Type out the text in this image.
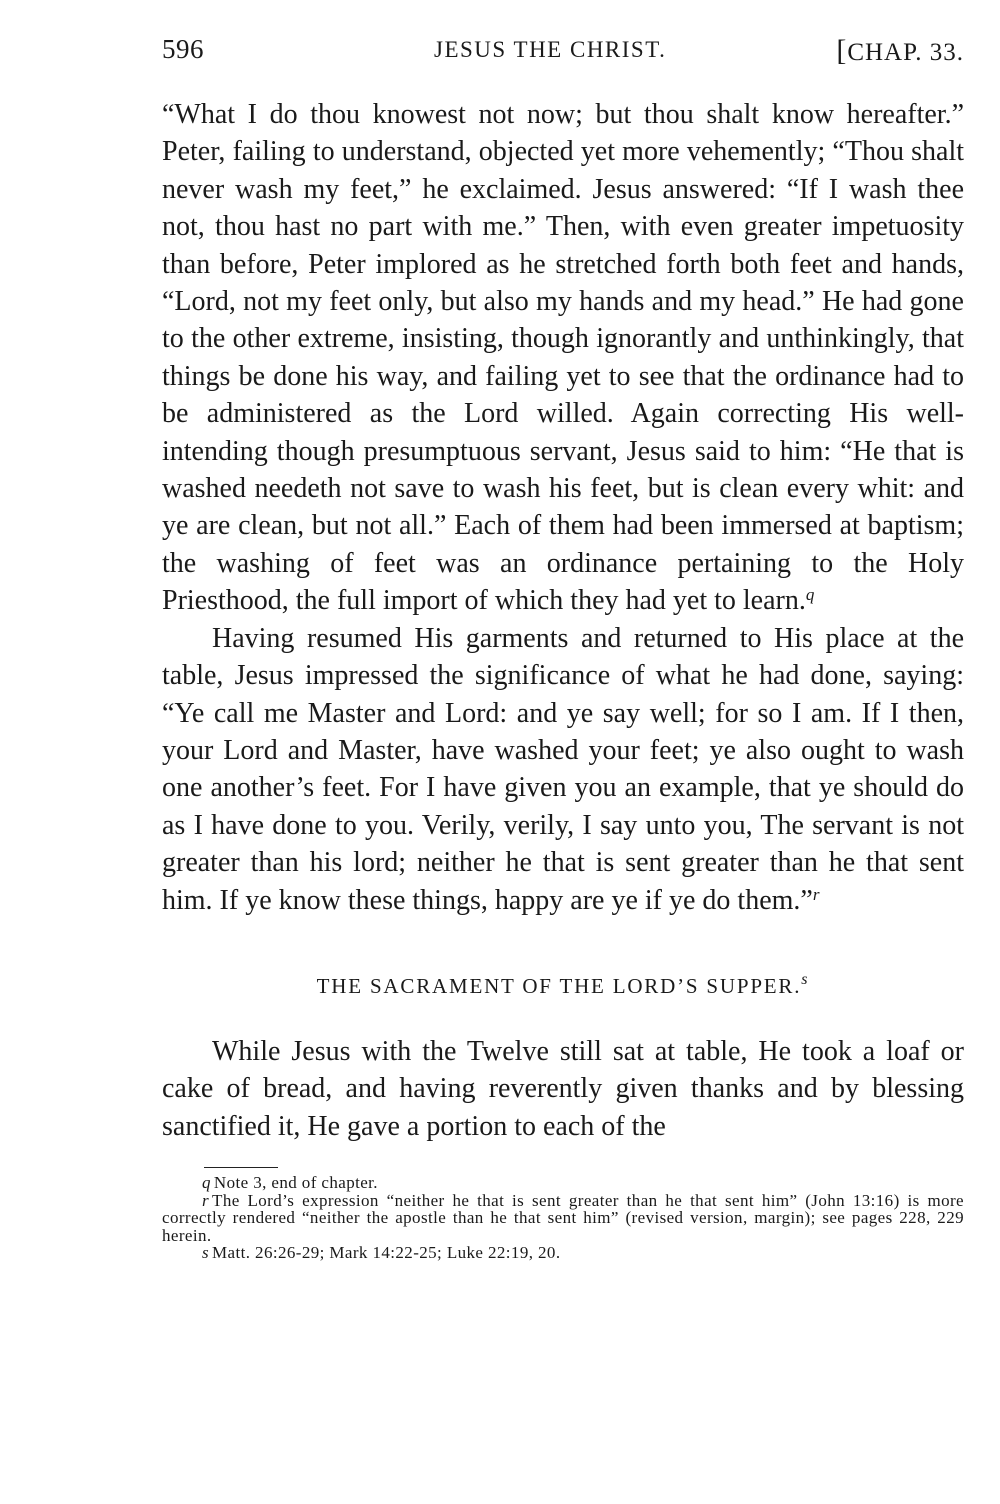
596	JESUS THE CHRIST.	[CHAP. 33.

“What I do thou knowest not now; but thou shalt know hereafter.” Peter, failing to understand, objected yet more vehemently; “Thou shalt never wash my feet,” he exclaimed. Jesus answered: “If I wash thee not, thou hast no part with me.” Then, with even greater impetuosity than before, Peter implored as he stretched forth both feet and hands, “Lord, not my feet only, but also my hands and my head.” He had gone to the other extreme, insisting, though ignorantly and unthinkingly, that things be done his way, and failing yet to see that the ordinance had to be administered as the Lord willed. Again correcting His well-intending though presumptuous servant, Jesus said to him: “He that is washed needeth not save to wash his feet, but is clean every whit: and ye are clean, but not all.” Each of them had been immersed at baptism; the washing of feet was an ordinance pertaining to the Holy Priesthood, the full import of which they had yet to learn.$^q$

Having resumed His garments and returned to His place at the table, Jesus impressed the significance of what he had done, saying: “Ye call me Master and Lord: and ye say well; for so I am. If I then, your Lord and Master, have washed your feet; ye also ought to wash one another’s feet. For I have given you an example, that ye should do as I have done to you. Verily, verily, I say unto you, The servant is not greater than his lord; neither he that is sent greater than he that sent him. If ye know these things, happy are ye if ye do them.”$^r$

THE SACRAMENT OF THE LORD’S SUPPER.$^s$

While Jesus with the Twelve still sat at table, He took a loaf or cake of bread, and having reverently given thanks and by blessing sanctified it, He gave a portion to each of the

q Note 3, end of chapter.

r The Lord’s expression “neither he that is sent greater than he that sent him” (John 13:16) is more correctly rendered “neither the apostle than he that sent him” (revised version, margin); see pages 228, 229 herein.

s Matt. 26:26-29; Mark 14:22-25; Luke 22:19, 20.
